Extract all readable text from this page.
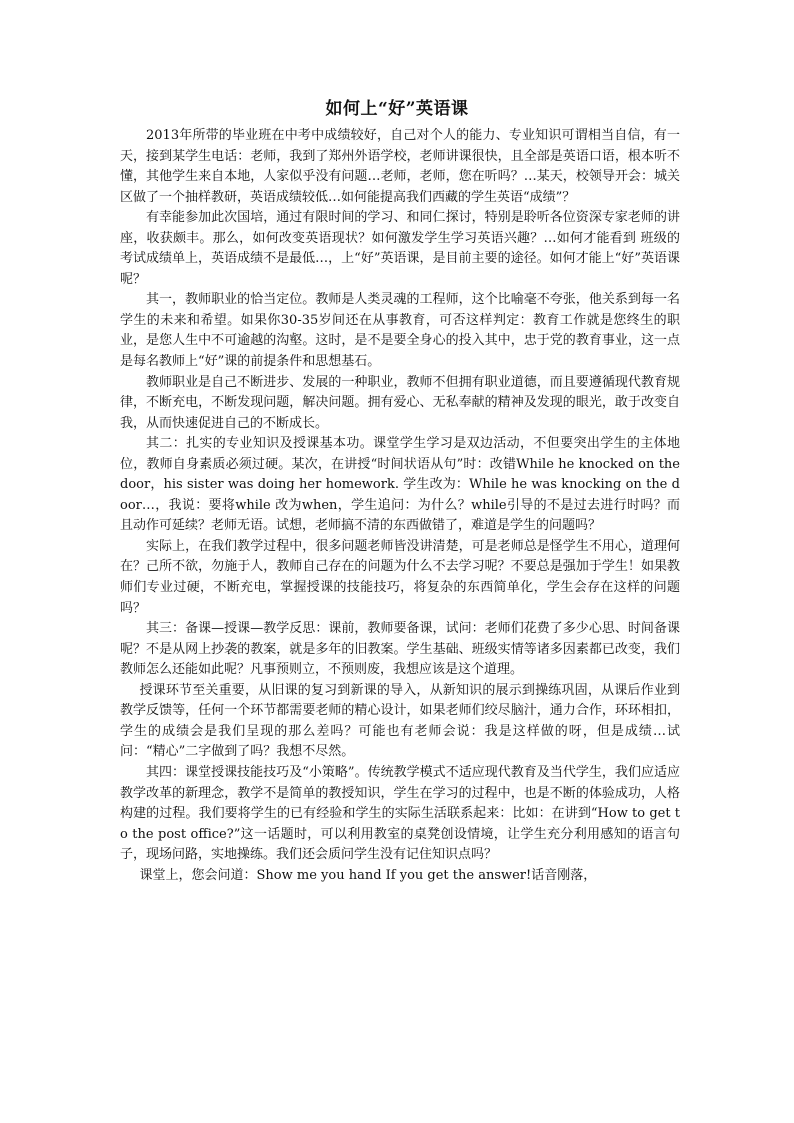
如何上“好”英语课

2013年所带的毕业班在中考中成绩较好，自己对个人的能力、专业知识可谓相当自信，有一天，接到某学生电话：老师，我到了郑州外语学校，老师讲课很快，且全部是英语口语，根本听不懂，其他学生来自本地，人家似乎没有问题…老师，老师，您在听吗？…某天，校领导开会：城关区做了一个抽样教研，英语成绩较低…如何能提高我们西藏的学生英语“成绩”？

有幸能参加此次国培，通过有限时间的学习、和同仁探讨，特别是聆听各位资深专家老师的讲座，收获颇丰。那么，如何改变英语现状？如何激发学生学习英语兴趣？…如何才能看到 班级的考试成绩单上，英语成绩不是最低…，上“好”英语课，是目前主要的途径。如何才能上“好”英语课呢？

其一，教师职业的恰当定位。教师是人类灵魂的工程师，这个比喻毫不夸张，他关系到每一名学生的未来和希望。如果你30-35岁间还在从事教育，可否这样判定：教育工作就是您终生的职业，是您人生中不可逾越的沟壑。这时，是不是要全身心的投入其中，忠于党的教育事业，这一点是每名教师上“好”课的前提条件和思想基石。

教师职业是自己不断进步、发展的一种职业，教师不但拥有职业道德，而且要遵循现代教育规律，不断充电，不断发现问题，解决问题。拥有爱心、无私奉献的精神及发现的眼光，敢于改变自我，从而快速促进自己的不断成长。

其二：扎实的专业知识及授课基本功。课堂学生学习是双边活动，不但要突出学生的主体地位，教师自身素质必须过硬。某次，在讲授“时间状语从句”时：改错While he knocked on the door，his sister was doing her homework. 学生改为：While he was knocking on the door…，我说：要将while 改为when，学生追问：为什么？while引导的不是过去进行时吗？而且动作可延续？老师无语。试想，老师搞不清的东西做错了，难道是学生的问题吗？

实际上，在我们教学过程中，很多问题老师皆没讲清楚，可是老师总是怪学生不用心，道理何在？己所不欲，勿施于人，教师自己存在的问题为什么不去学习呢？不要总是强加于学生！如果教师们专业过硬，不断充电，掌握授课的技能技巧，将复杂的东西简单化，学生会存在这样的问题吗？

其三：备课—授课—教学反思：课前，教师要备课，试问：老师们花费了多少心思、时间备课呢？不是从网上抄袭的教案，就是多年的旧教案。学生基础、班级实情等诸多因素都已改变，我们教师怎么还能如此呢？凡事预则立，不预则废，我想应该是这个道理。

授课环节至关重要，从旧课的复习到新课的导入，从新知识的展示到操练巩固，从课后作业到教学反馈等，任何一个环节都需要老师的精心设计，如果老师们绞尽脑汁，通力合作，环环相扣，学生的成绩会是我们呈现的那么差吗？可能也有老师会说：我是这样做的呀，但是成绩…试问：“精心”二字做到了吗？我想不尽然。

其四：课堂授课技能技巧及“小策略”。传统教学模式不适应现代教育及当代学生，我们应适应教学改革的新理念，教学不是简单的教授知识，学生在学习的过程中，也是不断的体验成功，人格构建的过程。我们要将学生的已有经验和学生的实际生活联系起来：比如：在讲到“How to get to the post office?”这一话题时，可以利用教室的桌凳创设情境，让学生充分利用感知的语言句子，现场问路，实地操练。我们还会质问学生没有记住知识点吗？

课堂上，您会问道：Show me you hand If you get the answer!话音刚落，
